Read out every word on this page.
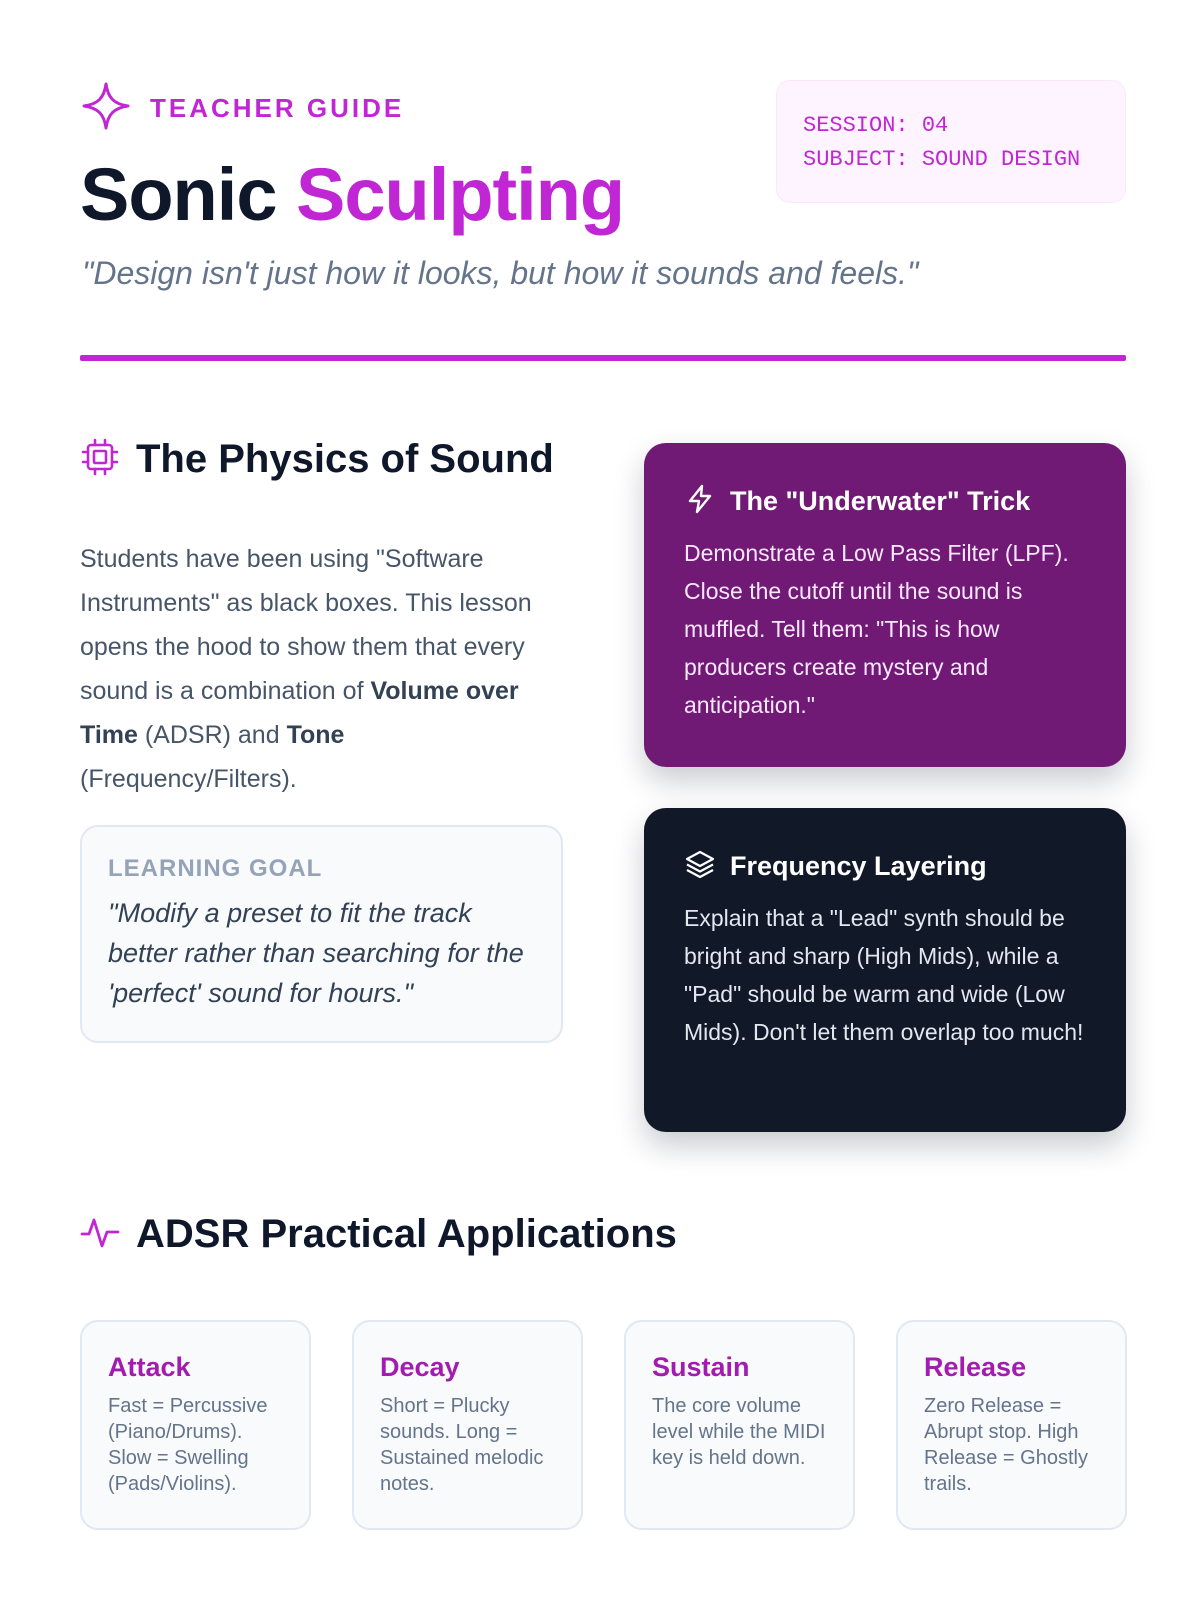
TEACHER GUIDE
Sonic Sculpting
"Design isn't just how it looks, but how it sounds and feels."
SESSION: 04
SUBJECT: SOUND DESIGN
The Physics of Sound

Students have been using "Software Instruments" as black boxes. This lesson opens the hood to show them that every sound is a combination of Volume over Time (ADSR) and Tone (Frequency/Filters).

LEARNING GOAL
"Modify a preset to fit the track better rather than searching for the 'perfect' sound for hours."
The "Underwater" Trick
Demonstrate a Low Pass Filter (LPF). Close the cutoff until the sound is muffled. Tell them: "This is how producers create mystery and anticipation."
Frequency Layering
Explain that a "Lead" synth should be bright and sharp (High Mids), while a "Pad" should be warm and wide (Low Mids). Don't let them overlap too much!
ADSR Practical Applications
Attack
Fast = Percussive (Piano/Drums). Slow = Swelling (Pads/Violins).
Decay
Short = Plucky sounds. Long = Sustained melodic notes.
Sustain
The core volume level while the MIDI key is held down.
Release
Zero Release = Abrupt stop. High Release = Ghostly trails.
